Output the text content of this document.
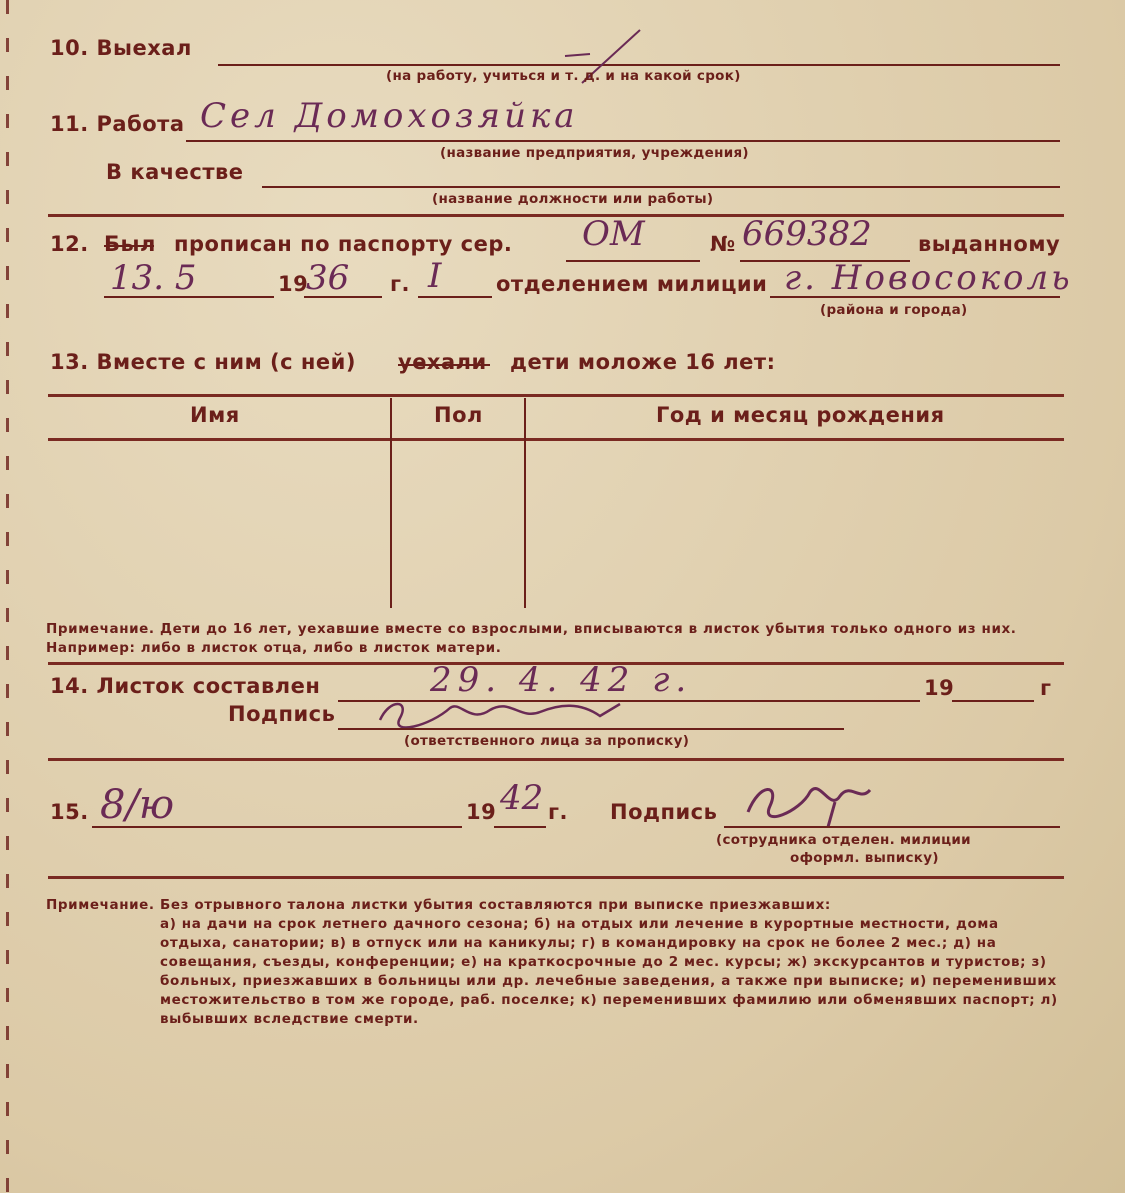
10. Выехал
(на работу, учиться и т. д. и на какой срок)
11. Работа Сел Домохозяйка
(название предприятия, учреждения)
В качестве
(название должности или работы)
12. Был прописан по паспорту сер. ОМ	№ 669382 выданному
13. 5	19
36 г. I	отделением милиции г. Новосоколь
(района и города)
13. Вместе с ним (с ней) уехали дети моложе 16 лет:
Имя	Пол	Год и месяц рождения
Примечание. Дети до 16 лет, уехавшие вместе со взрослыми, вписываются в листок убытия только одного из них. Например: либо в листок отца, либо в листок матери.
14. Листок составлен	29. 4. 42 г.	19	г
Подпись
(ответственного лица за прописку)
15. 8/ю	19 42 г. Подпись
(сотрудника отделен. милиции
оформл. выписку)
Примечание. Без отрывного талона листки убытия составляются при выписке приезжавших:
а) на дачи на срок летнего дачного сезона; б) на отдых или лечение в курортные местности, дома отдыха, санатории; в) в отпуск или на каникулы; г) в командировку на срок не более 2 мес.; д) на совещания, съезды, конференции; е) на краткосрочные до 2 мес. курсы; ж) экскурсантов и туристов; з) больных, приезжавших в больницы или др. лечебные заведения, а также при выписке; и) переменивших местожительство в том же городе, раб. поселке; к) переменивших фамилию или обменявших паспорт; л) выбывших вследствие смерти.
